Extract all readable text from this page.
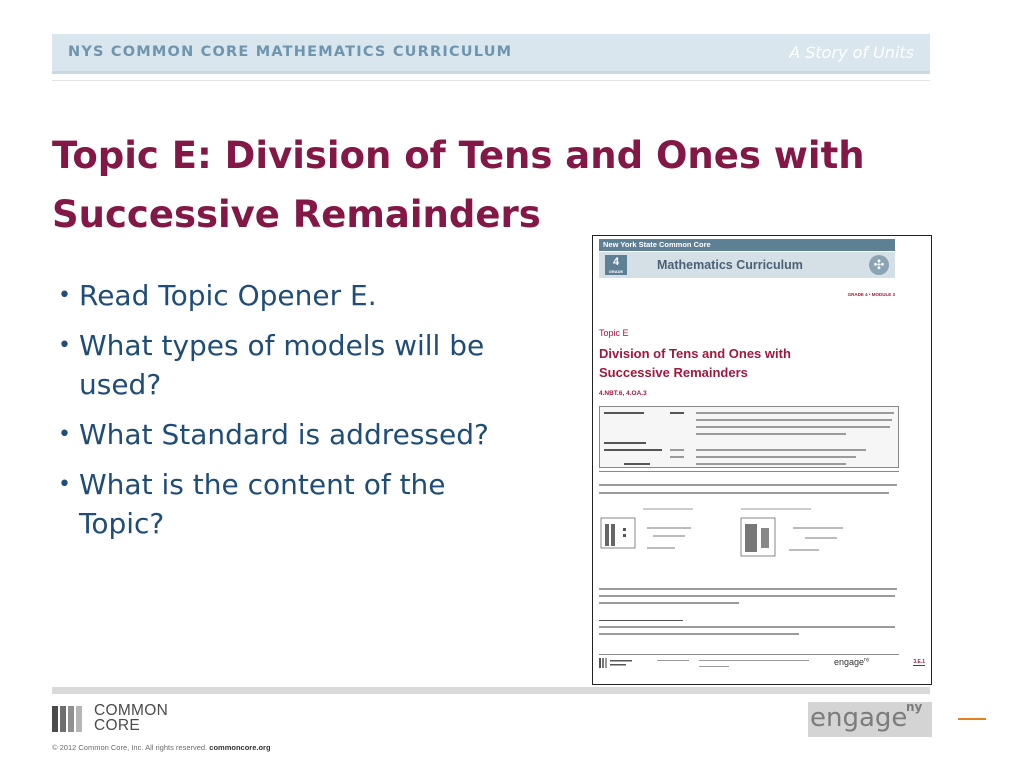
NYS COMMON CORE MATHEMATICS CURRICULUM	A Story of Units
Topic E: Division of Tens and Ones with
Successive Remainders
• Read Topic Opener E.
• What types of models will be used?
• What Standard is addressed?
• What is the content of the Topic?
New York State Common Core
4
GRADE	Mathematics Curriculum	✣
GRADE 4 • MODULE 3
Topic E
Division of Tens and Ones with
Successive Remainders
4.NBT.6, 4.OA.3
engage$^{ny}$	3.E.1
COMMON
CORE
© 2012 Common Core, Inc. All rights reserved. commoncore.org
engage
ny
